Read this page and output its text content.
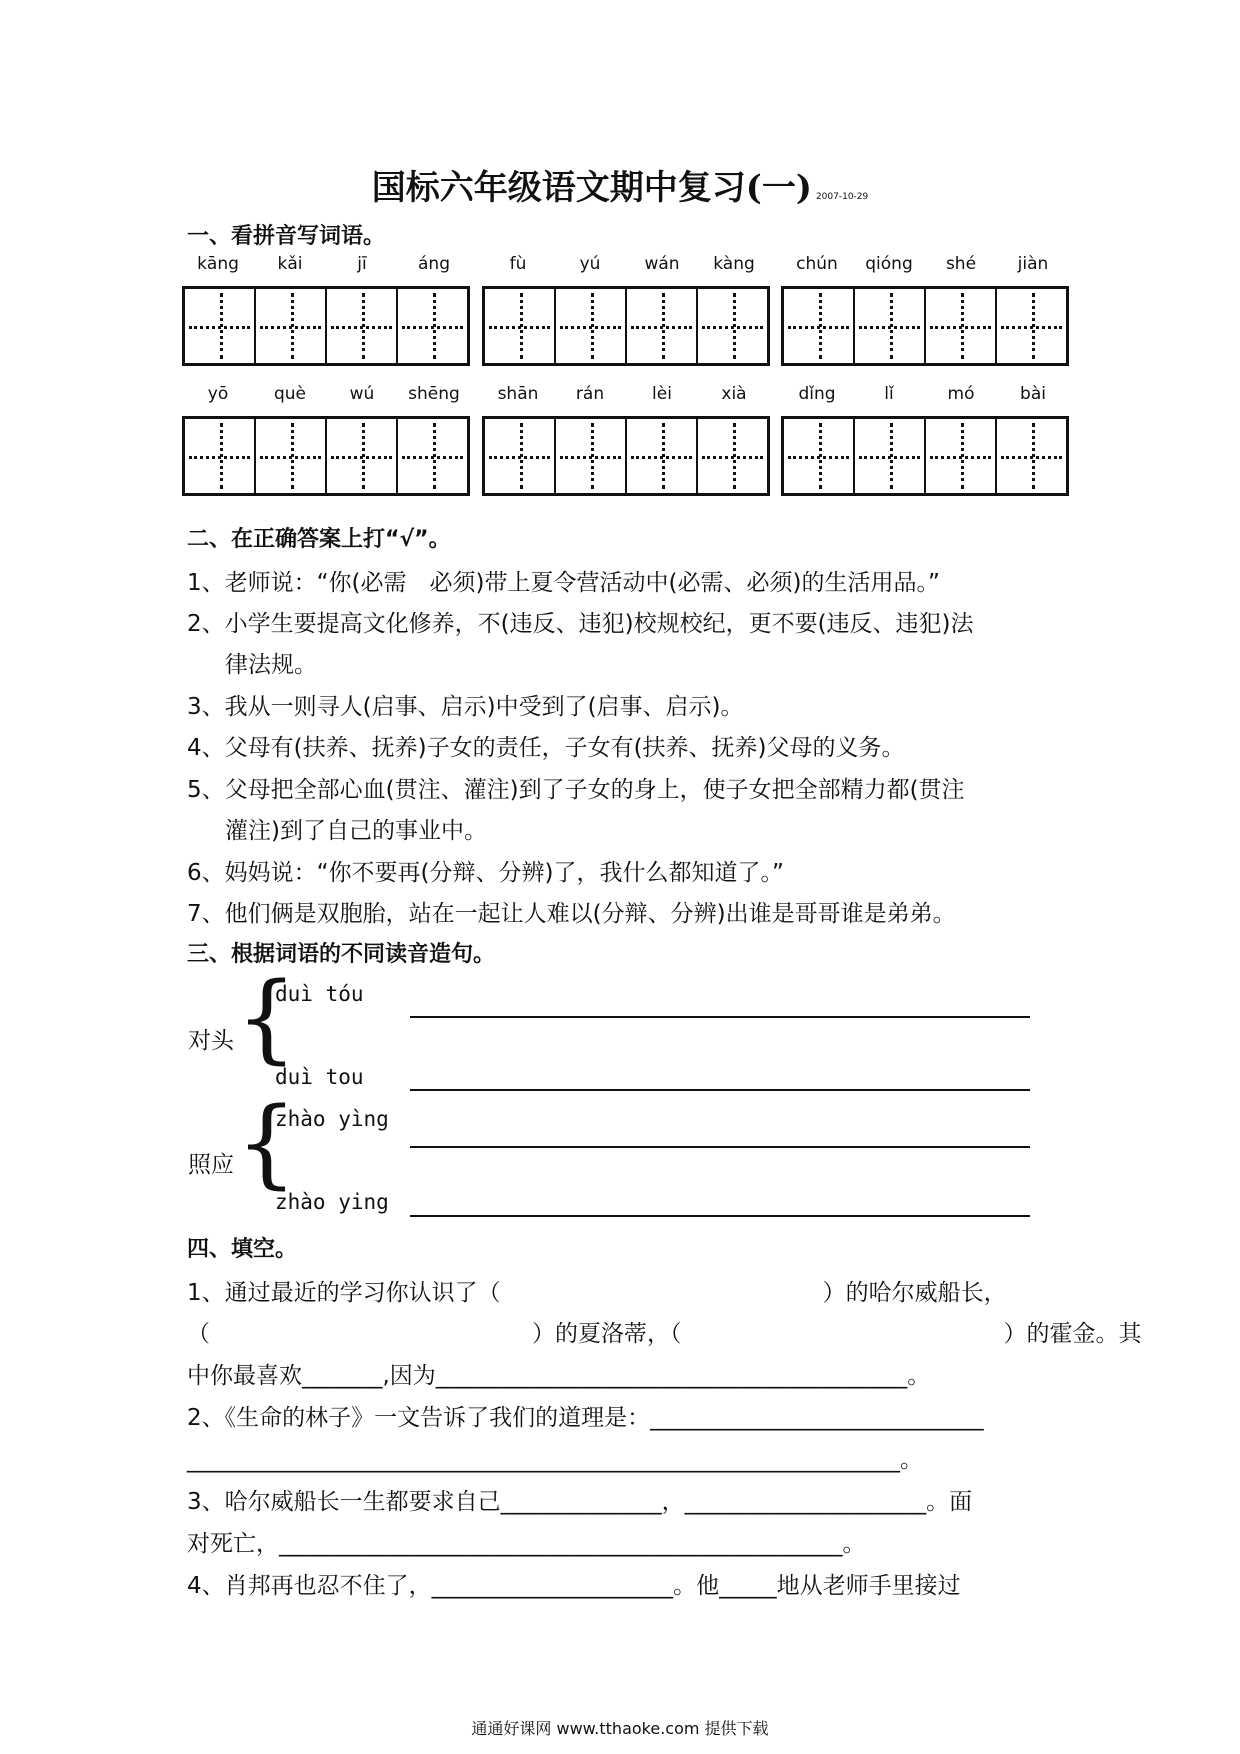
国标六年级语文期中复习(一) 2007-10-29
一、看拼音写词语。
kāng	kǎi	jī	áng	fù	yú	wán	kàng	chún	qióng	shé	jiàn
yō	què	wú	shēng	shān	rán	lèi	xià	dǐng	lǐ	mó	bài
二、在正确答案上打“√”。
1、老师说：“你(必需　必须)带上夏令营活动中(必需、必须)的生活用品。”
2、小学生要提高文化修养，不(违反、违犯)校规校纪，更不要(违反、违犯)法
律法规。
3、我从一则寻人(启事、启示)中受到了(启事、启示)。
4、父母有(扶养、抚养)子女的责任，子女有(扶养、抚养)父母的义务。
5、父母把全部心血(贯注、灌注)到了子女的身上，使子女把全部精力都(贯注
灌注)到了自己的事业中。
6、妈妈说：“你不要再(分辩、分辨)了，我什么都知道了。”
7、他们俩是双胞胎，站在一起让人难以(分辩、分辨)出谁是哥哥谁是弟弟。
三、根据词语的不同读音造句。
对头 {
duì tóu
duì tou
照应 {
zhào yìng
zhào ying
四、填空。
1、通过最近的学习你认识了（　　　　　　　　　　　　　　）的哈尔威船长，
（　　　　　　　　　　　　　　）的夏洛蒂，（　　　　　　　　　　　　　　）的霍金。其
中你最喜欢_______,因为_________________________________________。
2、《生命的林子》一文告诉了我们的道理是：_____________________________
______________________________________________________________。
3、哈尔威船长一生都要求自己______________，_____________________。面
对死亡，_________________________________________________。
4、肖邦再也忍不住了，_____________________。他_____地从老师手里接过
通通好课网 www.tthaoke.com 提供下载
